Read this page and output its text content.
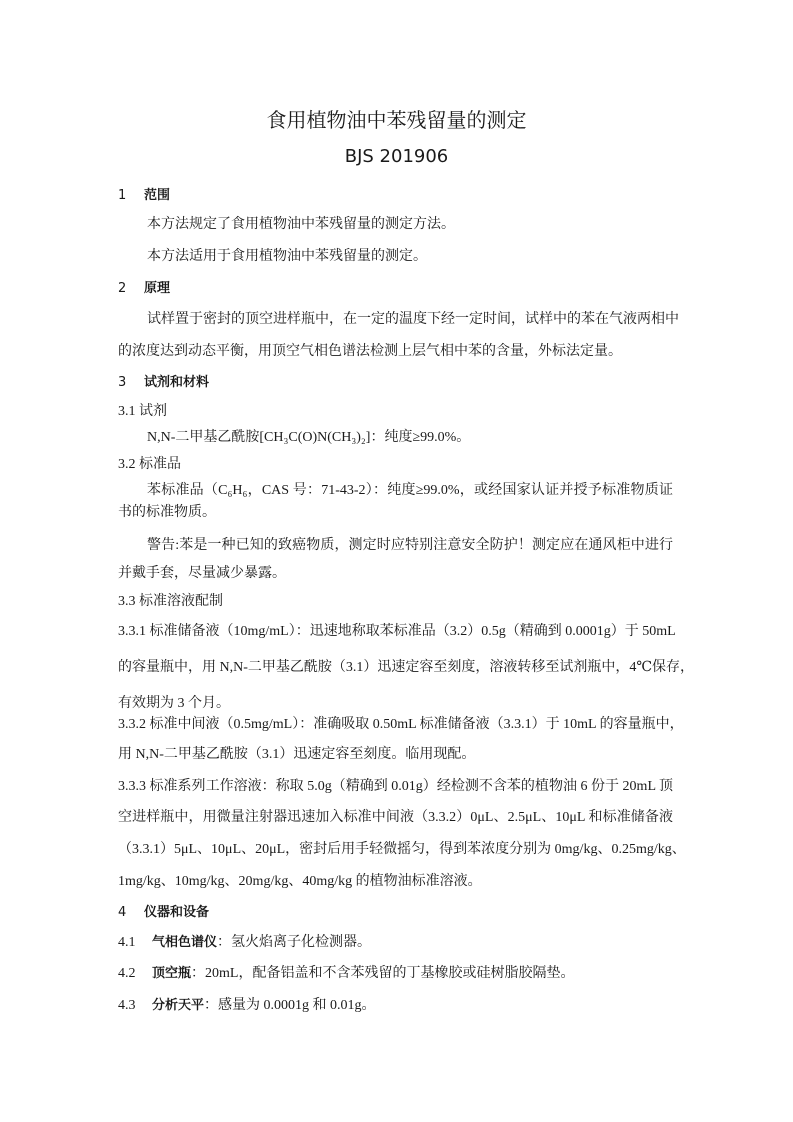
食用植物油中苯残留量的测定
BJS 201906
1 范围
本方法规定了食用植物油中苯残留量的测定方法。
本方法适用于食用植物油中苯残留量的测定。
2 原理
试样置于密封的顶空进样瓶中，在一定的温度下经一定时间，试样中的苯在气液两相中
的浓度达到动态平衡，用顶空气相色谱法检测上层气相中苯的含量，外标法定量。
3 试剂和材料
3.1 试剂
N,N-二甲基乙酰胺[CH₃C(O)N(CH₃)₂]：纯度≥99.0%。
3.2 标准品
苯标准品（C₆H₆，CAS 号：71-43-2）：纯度≥99.0%，或经国家认证并授予标准物质证
书的标准物质。
警告:苯是一种已知的致癌物质，测定时应特别注意安全防护！测定应在通风柜中进行
并戴手套，尽量减少暴露。
3.3 标准溶液配制
3.3.1 标准储备液（10mg/mL）：迅速地称取苯标准品（3.2）0.5g（精确到 0.0001g）于 50mL
的容量瓶中，用 N,N-二甲基乙酰胺（3.1）迅速定容至刻度，溶液转移至试剂瓶中，4℃保存，
有效期为 3 个月。
3.3.2 标准中间液（0.5mg/mL）：准确吸取 0.50mL 标准储备液（3.3.1）于 10mL 的容量瓶中，
用 N,N-二甲基乙酰胺（3.1）迅速定容至刻度。临用现配。
3.3.3 标准系列工作溶液：称取 5.0g（精确到 0.01g）经检测不含苯的植物油 6 份于 20mL 顶
空进样瓶中，用微量注射器迅速加入标准中间液（3.3.2）0μL、2.5μL、10μL 和标准储备液
（3.3.1）5μL、10μL、20μL，密封后用手轻微摇匀，得到苯浓度分别为 0mg/kg、0.25mg/kg、
1mg/kg、10mg/kg、20mg/kg、40mg/kg 的植物油标准溶液。
4 仪器和设备
4.1 气相色谱仪：氢火焰离子化检测器。
4.2 顶空瓶：20mL，配备铝盖和不含苯残留的丁基橡胶或硅树脂胶隔垫。
4.3 分析天平：感量为 0.0001g 和 0.01g。
